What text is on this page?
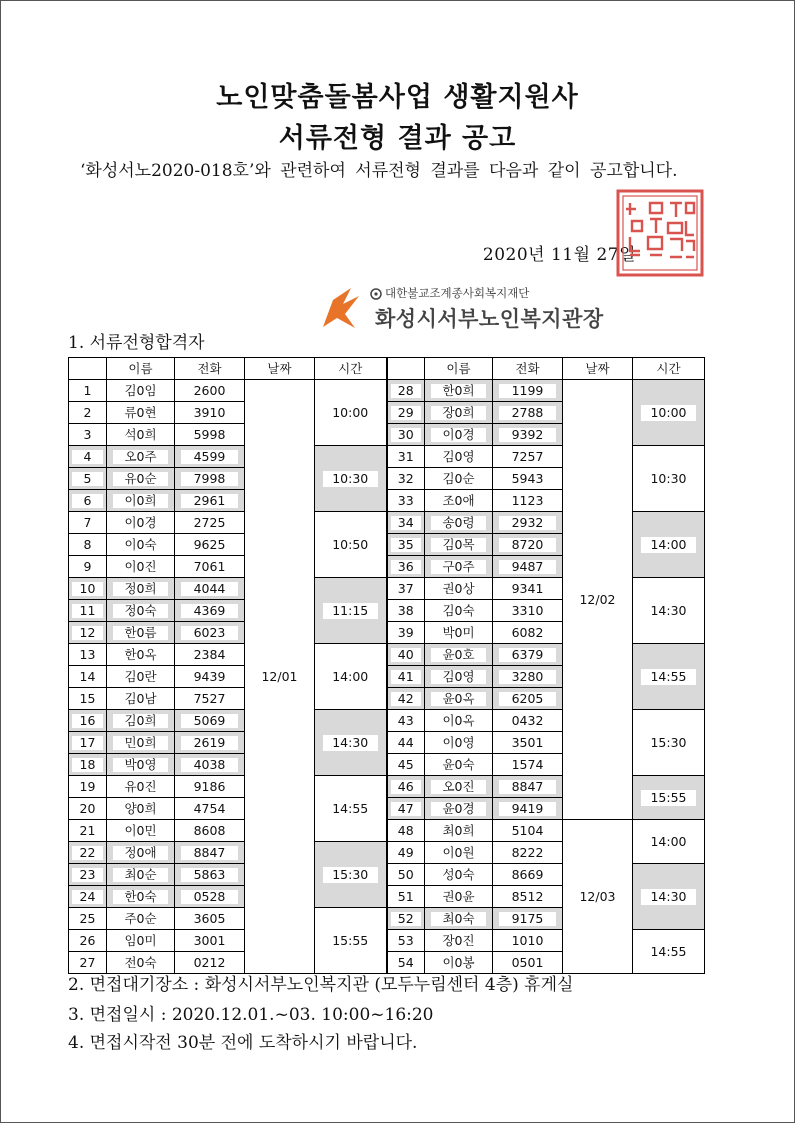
노인맞춤돌봄사업 생활지원사
서류전형 결과 공고
‘화성서노2020-018호’와 관련하여 서류전형 결과를 다음과 같이 공고합니다.
2020년 11월 27일
대한불교조계종사회복지재단
화성시서부노인복지관장
1. 서류전형합격자
	이름	전화	날짜	시간		이름	전화	날짜	시간
1	김0임	2600	12/01	10:00	28	한0희	1199	12/02	10:00
2	류0현	3910			29	장0희	2788		
3	석0희	5998			30	이0경	9392		
4	오0주	4599		10:30	31	김0영	7257		10:30
5	유0순	7998			32	김0순	5943		
6	이0희	2961			33	조0애	1123		
7	이0경	2725		10:50	34	송0령	2932		14:00
8	이0숙	9625			35	김0목	8720		
9	이0진	7061			36	구0주	9487		
10	정0희	4044		11:15	37	권0상	9341		14:30
11	정0숙	4369			38	김0숙	3310		
12	한0름	6023			39	박0미	6082		
13	한0옥	2384		14:00	40	윤0호	6379		14:55
14	김0란	9439			41	김0영	3280		
15	김0남	7527			42	윤0옥	6205		
16	김0희	5069		14:30	43	이0옥	0432		15:30
17	민0희	2619			44	이0영	3501		
18	박0영	4038			45	윤0숙	1574		
19	유0진	9186		14:55	46	오0진	8847		15:55
20	양0희	4754			47	윤0경	9419		
21	이0민	8608			48	최0희	5104	12/03	14:00
22	정0애	8847		15:30	49	이0원	8222		
23	최0순	5863			50	성0숙	8669		14:30
24	한0숙	0528			51	권0윤	8512		
25	주0순	3605		15:55	52	최0숙	9175		
26	임0미	3001			53	장0진	1010		14:55
27	전0숙	0212			54	이0봉	0501		
2. 면접대기장소 : 화성시서부노인복지관 (모두누림센터 4층) 휴게실
3. 면접일시 : 2020.12.01.~03. 10:00~16:20
4. 면접시작전 30분 전에 도착하시기 바랍니다.
